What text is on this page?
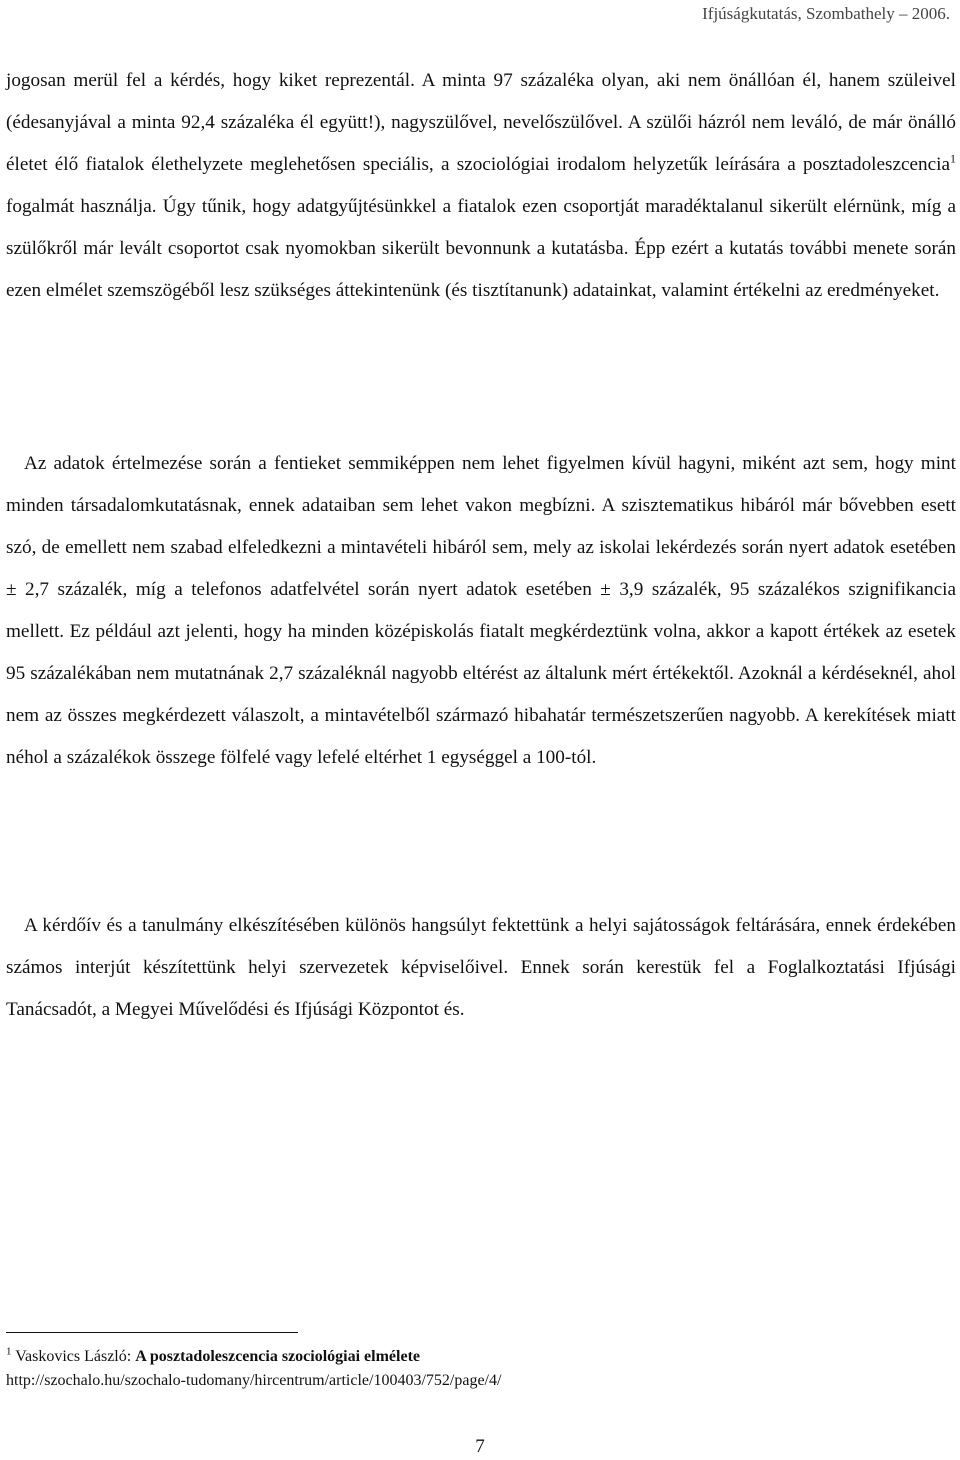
Ifjúságkutatás, Szombathely – 2006.

jogosan merül fel a kérdés, hogy kiket reprezentál. A minta 97 százaléka olyan, aki nem önállóan él, hanem szüleivel (édesanyjával a minta 92,4 százaléka él együtt!), nagyszülővel, nevelőszülővel. A szülői házról nem leváló, de már önálló életet élő fiatalok élethelyzete meglehetősen speciális, a szociológiai irodalom helyzetűk leírására a posztadoleszcencia$^1$ fogalmát használja. Úgy tűnik, hogy adatgyűjtésünkkel a fiatalok ezen csoportját maradéktalanul sikerült elérnünk, míg a szülőkről már levált csoportot csak nyomokban sikerült bevonnunk a kutatásba. Épp ezért a kutatás további menete során ezen elmélet szemszögéből lesz szükséges áttekintenünk (és tisztítanunk) adatainkat, valamint értékelni az eredményeket.

Az adatok értelmezése során a fentieket semmiképpen nem lehet figyelmen kívül hagyni, miként azt sem, hogy mint minden társadalomkutatásnak, ennek adataiban sem lehet vakon megbízni. A szisztematikus hibáról már bővebben esett szó, de emellett nem szabad elfeledkezni a mintavételi hibáról sem, mely az iskolai lekérdezés során nyert adatok esetében ± 2,7 százalék, míg a telefonos adatfelvétel során nyert adatok esetében ± 3,9 százalék, 95 százalékos szignifikancia mellett. Ez például azt jelenti, hogy ha minden középiskolás fiatalt megkérdeztünk volna, akkor a kapott értékek az esetek 95 százalékában nem mutatnának 2,7 százaléknál nagyobb eltérést az általunk mért értékektől. Azoknál a kérdéseknél, ahol nem az összes megkérdezett válaszolt, a mintavételből származó hibahatár természetszerűen nagyobb. A kerekítések miatt néhol a százalékok összege fölfelé vagy lefelé eltérhet 1 egységgel a 100-tól.

A kérdőív és a tanulmány elkészítésében különös hangsúlyt fektettünk a helyi sajátosságok feltárására, ennek érdekében számos interjút készítettünk helyi szervezetek képviselőivel. Ennek során kerestük fel a Foglalkoztatási Ifjúsági Tanácsadót, a Megyei Művelődési és Ifjúsági Központot és.

$^1$ Vaskovics László: A posztadoleszcencia szociológiai elmélete
http://szochalo.hu/szochalo-tudomany/hircentrum/article/100403/752/page/4/
7
